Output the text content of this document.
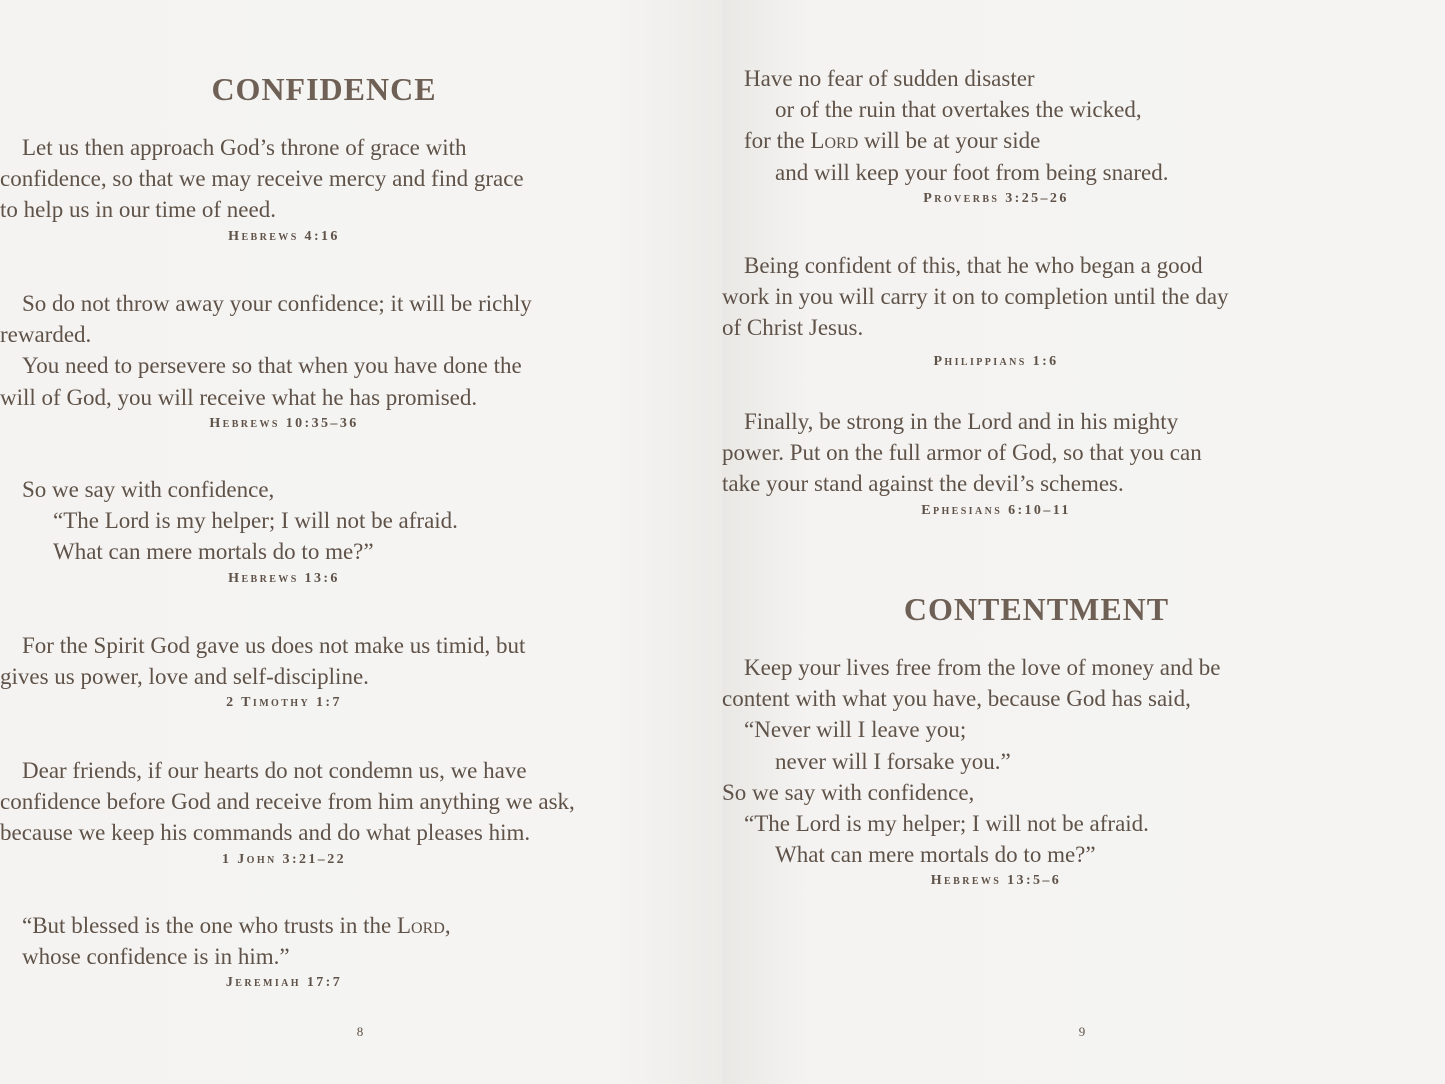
CONFIDENCE
Let us then approach God’s throne of grace with
confidence, so that we may receive mercy and find grace
to help us in our time of need.
Hebrews 4:16
So do not throw away your confidence; it will be richly
rewarded.
You need to persevere so that when you have done the
will of God, you will receive what he has promised.
Hebrews 10:35–36
So we say with confidence,
“The Lord is my helper; I will not be afraid.
What can mere mortals do to me?”
Hebrews 13:6
For the Spirit God gave us does not make us timid, but
gives us power, love and self-discipline.
2 Timothy 1:7
Dear friends, if our hearts do not condemn us, we have
confidence before God and receive from him anything we ask,
because we keep his commands and do what pleases him.
1 John 3:21–22
“But blessed is the one who trusts in the Lord,
whose confidence is in him.”
Jeremiah 17:7
8
Have no fear of sudden disaster
or of the ruin that overtakes the wicked,
for the Lord will be at your side
and will keep your foot from being snared.
Proverbs 3:25–26
Being confident of this, that he who began a good
work in you will carry it on to completion until the day
of Christ Jesus.
Philippians 1:6
Finally, be strong in the Lord and in his mighty
power. Put on the full armor of God, so that you can
take your stand against the devil’s schemes.
Ephesians 6:10–11
CONTENTMENT
Keep your lives free from the love of money and be
content with what you have, because God has said,
“Never will I leave you;
never will I forsake you.”
So we say with confidence,
“The Lord is my helper; I will not be afraid.
What can mere mortals do to me?”
Hebrews 13:5–6
9
